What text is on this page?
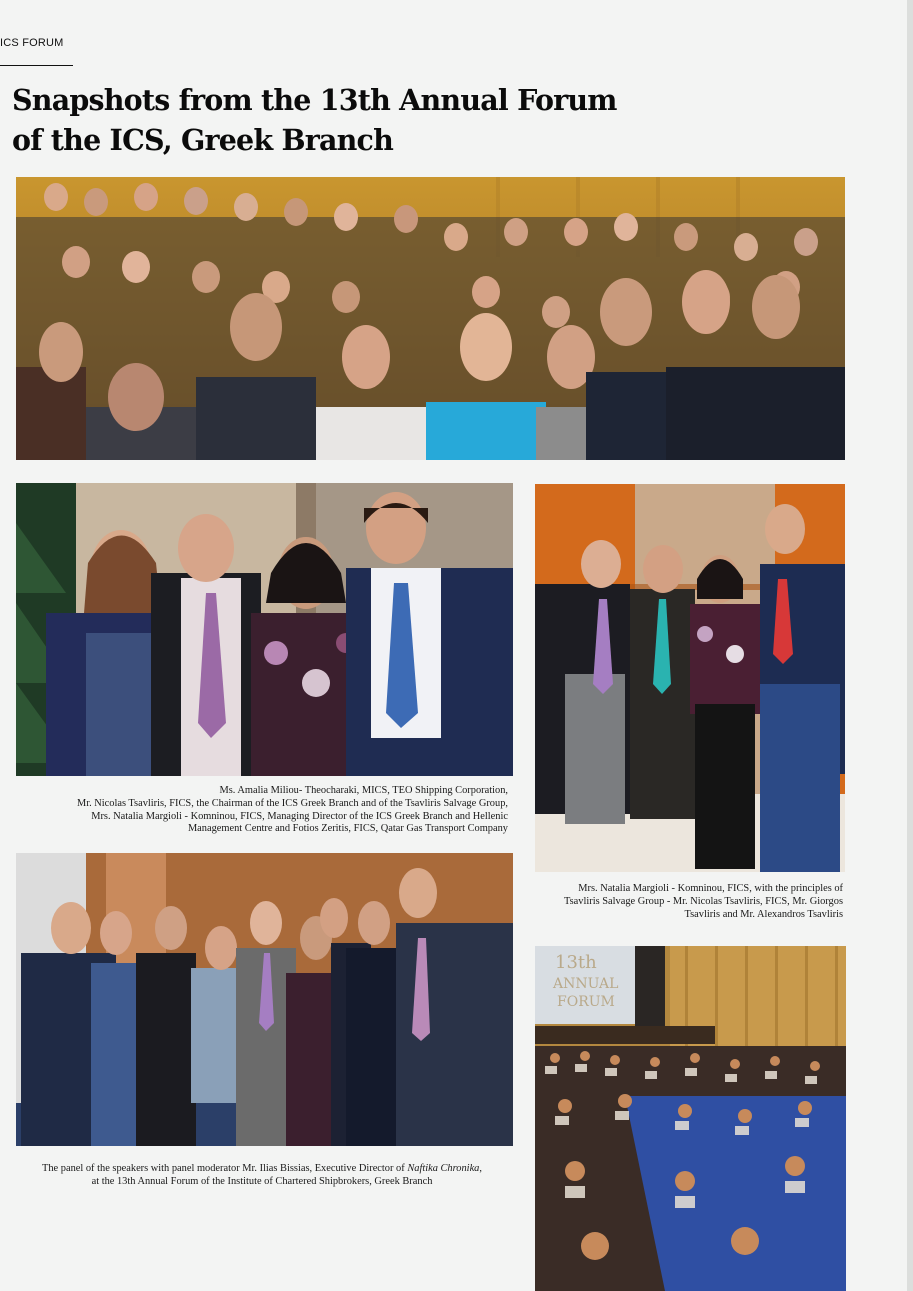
ICS FORUM
Snapshots from the 13th Annual Forum
of the ICS, Greek Branch
Ms. Amalia Miliou- Theocharaki, MICS, TEO Shipping Corporation,
Mr. Nicolas Tsavliris, FICS, the Chairman of the ICS Greek Branch and of the Tsavliris Salvage Group,
Mrs. Natalia Margioli - Komninou, FICS, Managing Director of the ICS Greek Branch and Hellenic
Management Centre and Fotios Zeritis, FICS, Qatar Gas Transport Company
Mrs. Natalia Margioli - Komninou, FICS, with the principles of
Tsavliris Salvage Group - Mr. Nicolas Tsavliris, FICS, Mr. Giorgos
Tsavliris and Mr. Alexandros Tsavliris
The panel of the speakers with panel moderator Mr. Ilias Bissias, Executive Director of Naftika Chronika,
at the 13th Annual Forum of the Institute of Chartered Shipbrokers, Greek Branch
13th
ANNUAL
FORUM
